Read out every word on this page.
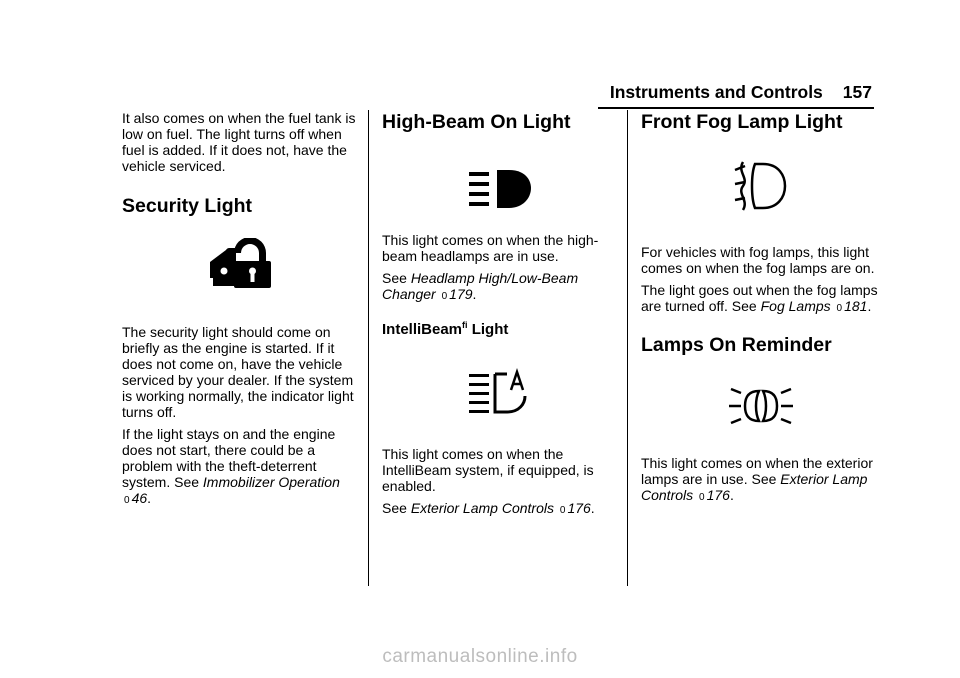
Instruments and Controls 157

It also comes on when the fuel tank is low on fuel. The light turns off when fuel is added. If it does not, have the vehicle serviced.

Security Light

The security light should come on briefly as the engine is started. If it does not come on, have the vehicle serviced by your dealer. If the system is working normally, the indicator light turns off.

If the light stays on and the engine does not start, there could be a problem with the theft-deterrent system. See Immobilizer Operation 0 46.

High-Beam On Light

This light comes on when the high-beam headlamps are in use.

See Headlamp High/Low-Beam Changer 0 179.

IntelliBeam$^{fi}$ Light

This light comes on when the IntelliBeam system, if equipped, is enabled.

See Exterior Lamp Controls 0 176.

Front Fog Lamp Light

For vehicles with fog lamps, this light comes on when the fog lamps are on.

The light goes out when the fog lamps are turned off. See Fog Lamps 0 181.

Lamps On Reminder

This light comes on when the exterior lamps are in use. See Exterior Lamp Controls 0 176.

carmanualsonline.info
